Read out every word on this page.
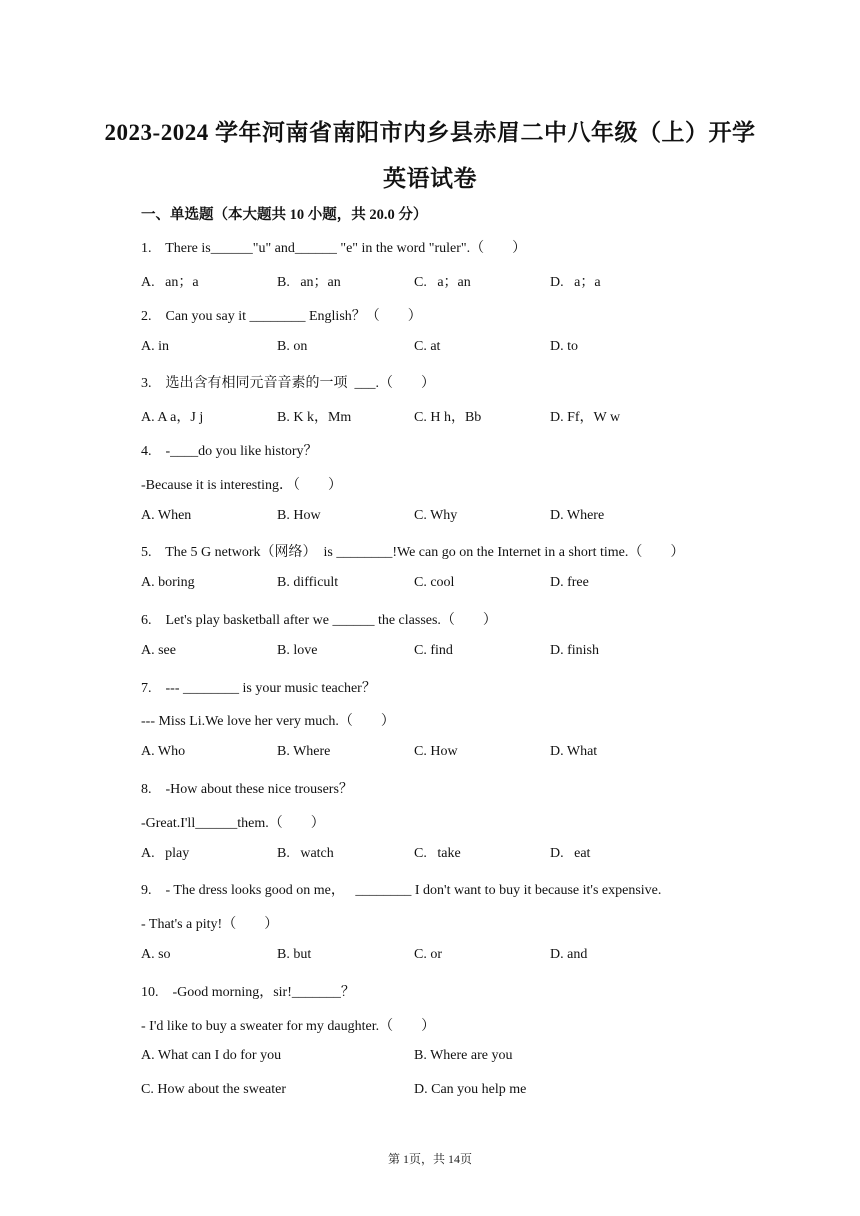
2023-2024 学年河南省南阳市内乡县赤眉二中八年级（上）开学
英语试卷
一、单选题（本大题共 10 小题，共 20.0 分）
1.    There is______"u" and______ "e" in the word "ruler".（        ）
A.   an；a	B.   an；an	C.   a；an	D.   a；a
2.    Can you say it ________ English？（        ）
A. in	B. on	C. at	D. to
3.    选出含有相同元音音素的一项  ___.（        ）
A. A a，J j	B. K k，Mm	C. H h，Bb	D. Ff，W w
4.    -____do you like history？
-Because it is interesting．（        ）
A. When	B. How	C. Why	D. Where
5.    The 5 G network（网络）  is ________!We can go on the Internet in a short time.（        ）
A. boring	B. difficult	C. cool	D. free
6.    Let's play basketball after we ______ the classes.（        ）
A. see	B. love	C. find	D. finish
7.    --- ________ is your music teacher？
--- Miss Li.We love her very much.（        ）
A. Who	B. Where	C. How	D. What
8.    -How about these nice trousers？
-Great.I'll______them.（        ）
A.   play	B.   watch	C.   take	D.   eat
9.    - The dress looks good on me，   ________ I don't want to buy it because it's expensive.
- That's a pity!（        ）
A. so	B. but	C. or	D. and
10.    -Good morning，sir!_______？
- I'd like to buy a sweater for my daughter.（        ）
A. What can I do for you	B. Where are you
C. How about the sweater	D. Can you help me
第 1页，共 14页
